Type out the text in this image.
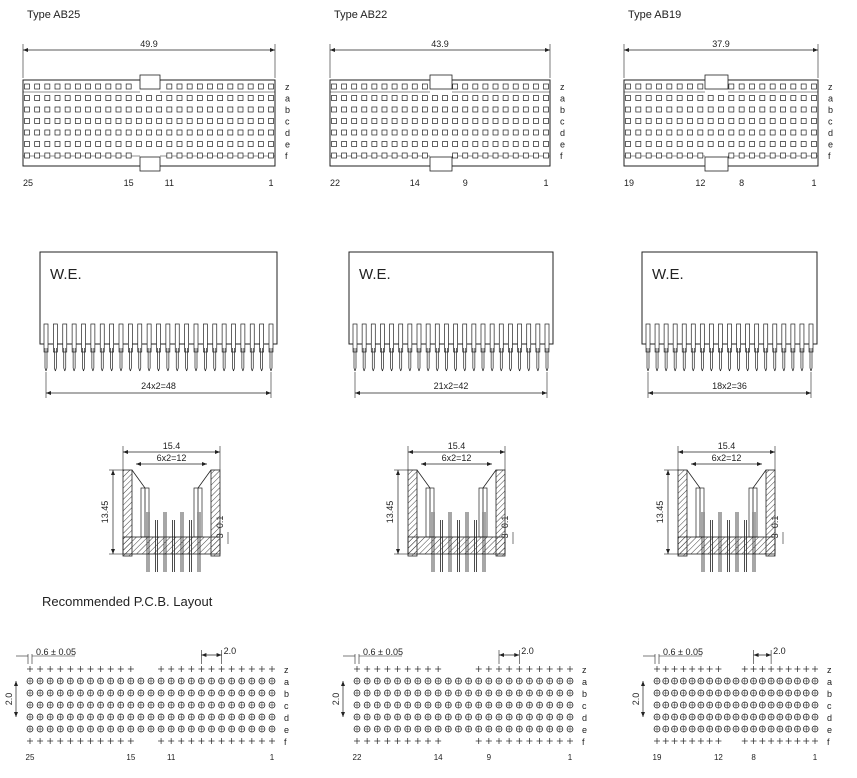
Recommended P.C.B. Layout
Type AB25
49.9
z
a
b
c
d
e
f
25	15	11	1
W.E.
24x2=48
15.4
6x2=12
13.45
3−0.1
0.6 ± 0.05	2.0
2.0
z
a
b
c
d
e
f
25	15	11	1
Type AB22
43.9
z
a
b
c
d
e
f
22	14	9	1
W.E.
21x2=42
15.4
6x2=12
13.45
3−0.1
0.6 ± 0.05	2.0
2.0
z
a
b
c
d
e
f
22	14	9	1
Type AB19
37.9
z
a
b
c
d
e
f
19	12	8	1
W.E.
18x2=36
15.4
6x2=12
13.45
3−0.1
0.6 ± 0.05	2.0
2.0
z
a
b
c
d
e
f
19	12	8	1
